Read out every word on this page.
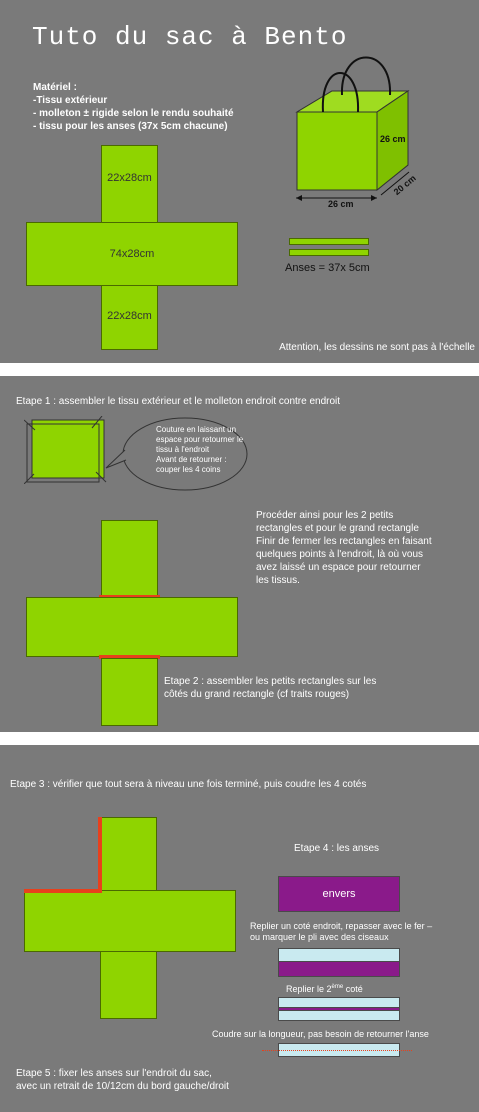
Tuto du sac à Bento
Matériel :
-Tissu extérieur
- molleton ± rigide selon le rendu souhaité
- tissu pour les anses (37x 5cm chacune)
22x28cm
74x28cm
22x28cm
26 cm
26 cm
20 cm
Anses = 37x 5cm
Attention, les dessins ne sont pas à l'échelle
Etape 1 : assembler le tissu extérieur et le molleton endroit contre endroit
Couture en laissant un
espace pour retourner le
tissu à l'endroit
Avant de retourner :
couper les 4 coins
Procéder ainsi pour les 2 petits
rectangles et pour le grand rectangle
Finir de fermer les rectangles en faisant
quelques points à l'endroit, là où vous
avez laissé un espace pour retourner
les tissus.
Etape 2 : assembler les petits rectangles sur les
côtés du grand rectangle (cf traits rouges)
Etape 3 : vérifier que tout sera à niveau une fois terminé, puis coudre les 4 cotés
Etape 4 : les anses
envers
Replier un coté endroit, repasser avec le fer –
ou marquer le pli avec des ciseaux
Replier le 2ème coté
Coudre sur la longueur, pas besoin de retourner l'anse
Etape 5 : fixer les anses sur l'endroit du sac,
avec un retrait de 10/12cm du bord gauche/droit
